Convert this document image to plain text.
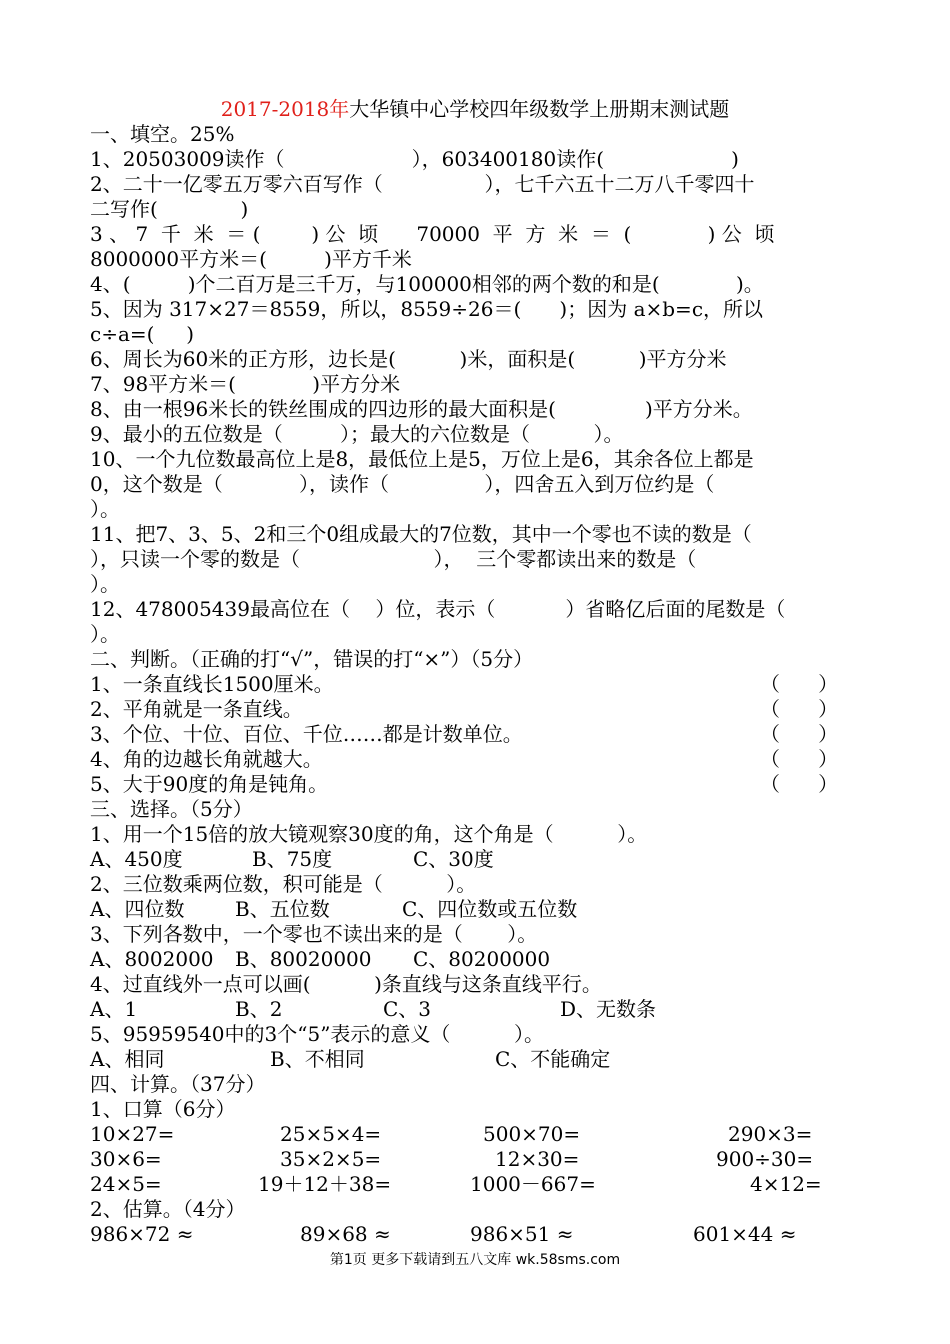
2017-2018年大华镇中心学校四年级数学上册期末测试题
一、填空。25%
1、20503009读作（                    ），603400180读作(                    )
2、二十一亿零五万零六百写作（                ），七千六五十二万八千零四十
二写作(             )
3 、 7  千  米  ＝ (        ) 公  顷      70000  平  方  米  ＝  (            ) 公  顷
8000000平方米＝(         )平方千米
4、(         )个二百万是三千万，与100000相邻的两个数的和是(            )。
5、因为 317×27＝8559，所以，8559÷26＝(      )；因为 a×b=c，所以
c÷a=(     )
6、周长为60米的正方形，边长是(          )米，面积是(          )平方分米
7、98平方米＝(            )平方分米
8、由一根96米长的铁丝围成的四边形的最大面积是(              )平方分米。
9、最小的五位数是（         ）；最大的六位数是（          ）。
10、一个九位数最高位上是8，最低位上是5，万位上是6，其余各位上都是
0，这个数是（            ），读作（               ），四舍五入到万位约是（
）。
11、把7、3、5、2和三个0组成最大的7位数，其中一个零也不读的数是（
），只读一个零的数是（                     ），  三个零都读出来的数是（
）。
12、478005439最高位在（    ）位，表示（           ）省略亿后面的尾数是（
）。
二、判断。（正确的打“√”，错误的打“×”）（5分）
1、一条直线长1500厘米。	（      ）
2、平角就是一条直线。	（      ）
3、个位、十位、百位、千位……都是计数单位。	（      ）
4、角的边越长角就越大。	（      ）
5、大于90度的角是钝角。	（      ）
三、选择。（5分）
1、用一个15倍的放大镜观察30度的角，这个角是（          ）。
A、450度	B、75度	C、30度
2、三位数乘两位数，积可能是（          ）。
A、四位数	B、五位数	C、四位数或五位数
3、下列各数中，一个零也不读出来的是（       ）。
A、8002000 B、80020000 C、80200000
4、过直线外一点可以画(          )条直线与这条直线平行。
A、1	B、2	C、3	D、无数条
5、95959540中的3个“5”表示的意义（          ）。
A、相同	B、不相同	C、不能确定
四、计算。（37分）
1、口算（6分）
10×27=	25×5×4=	500×70=	290×3=
30×6=	35×2×5=	12×30=	900÷30=
24×5=	19＋12＋38=	1000－667=	4×12=
2、估算。（4分）
986×72 ≈	89×68 ≈	986×51 ≈	601×44 ≈
第1页 更多下载请到五八文库 wk.58sms.com
